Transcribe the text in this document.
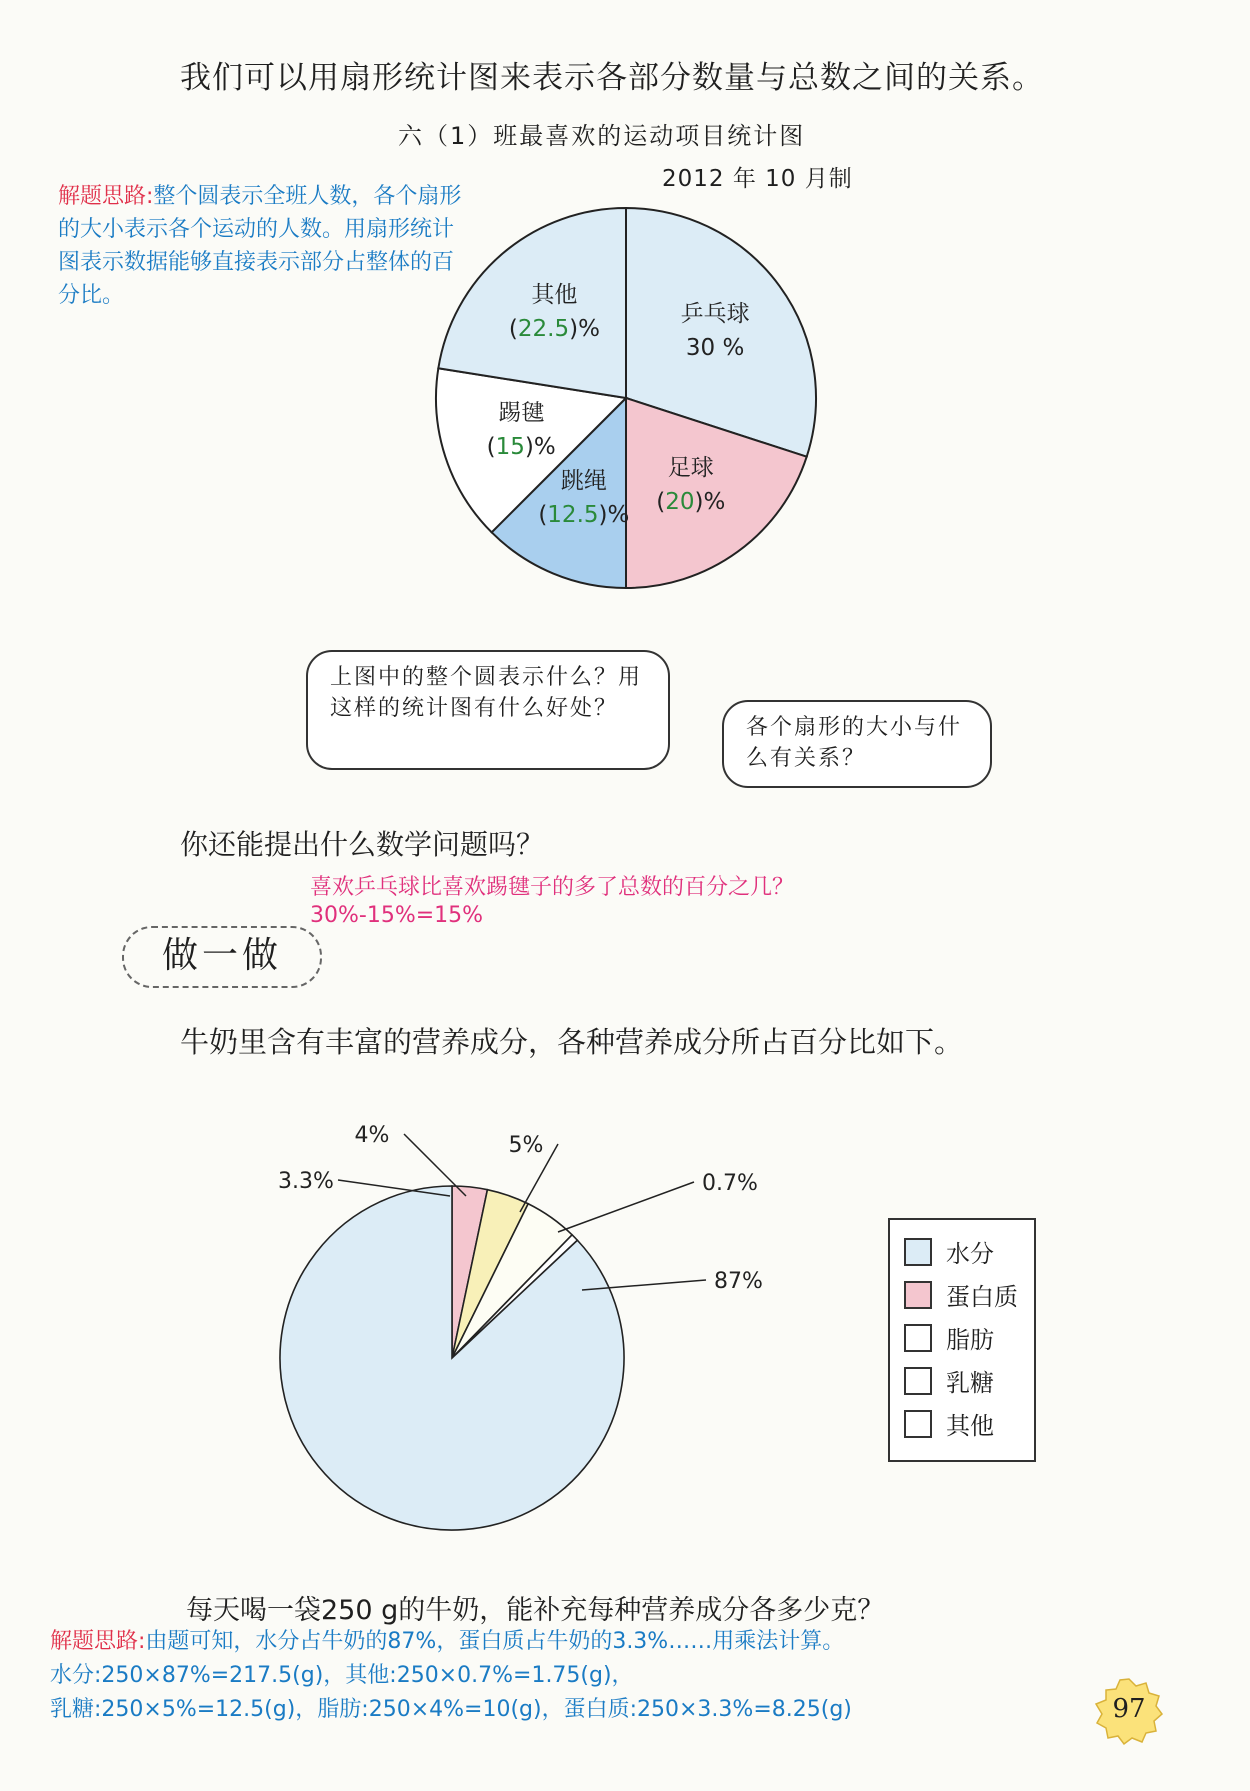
我们可以用扇形统计图来表示各部分数量与总数之间的关系。
六（1）班最喜欢的运动项目统计图
2012 年 10 月制
解题思路:整个圆表示全班人数，各个扇形的大小表示各个运动的人数。用扇形统计图表示数据能够直接表示部分占整体的百分比。
乒乓球
30 %
足球
(20)%
跳绳
(12.5)%
踢毽
(15)%
其他
(22.5)%
3.3%
4%	5%
0.7%
87%
上图中的整个圆表示什么？用这样的统计图有什么好处？
各个扇形的大小与什么有关系？
你还能提出什么数学问题吗？
喜欢乒乓球比喜欢踢毽子的多了总数的百分之几？
30%-15%=15%
做一做
牛奶里含有丰富的营养成分，各种营养成分所占百分比如下。
水分
蛋白质
脂肪
乳糖
其他
每天喝一袋250 g的牛奶，能补充每种营养成分各多少克？
解题思路:由题可知，水分占牛奶的87%，蛋白质占牛奶的3.3%……用乘法计算。
水分:250×87%=217.5(g)，其他:250×0.7%=1.75(g)，
乳糖:250×5%=12.5(g)，脂肪:250×4%=10(g)，蛋白质:250×3.3%=8.25(g)	97
